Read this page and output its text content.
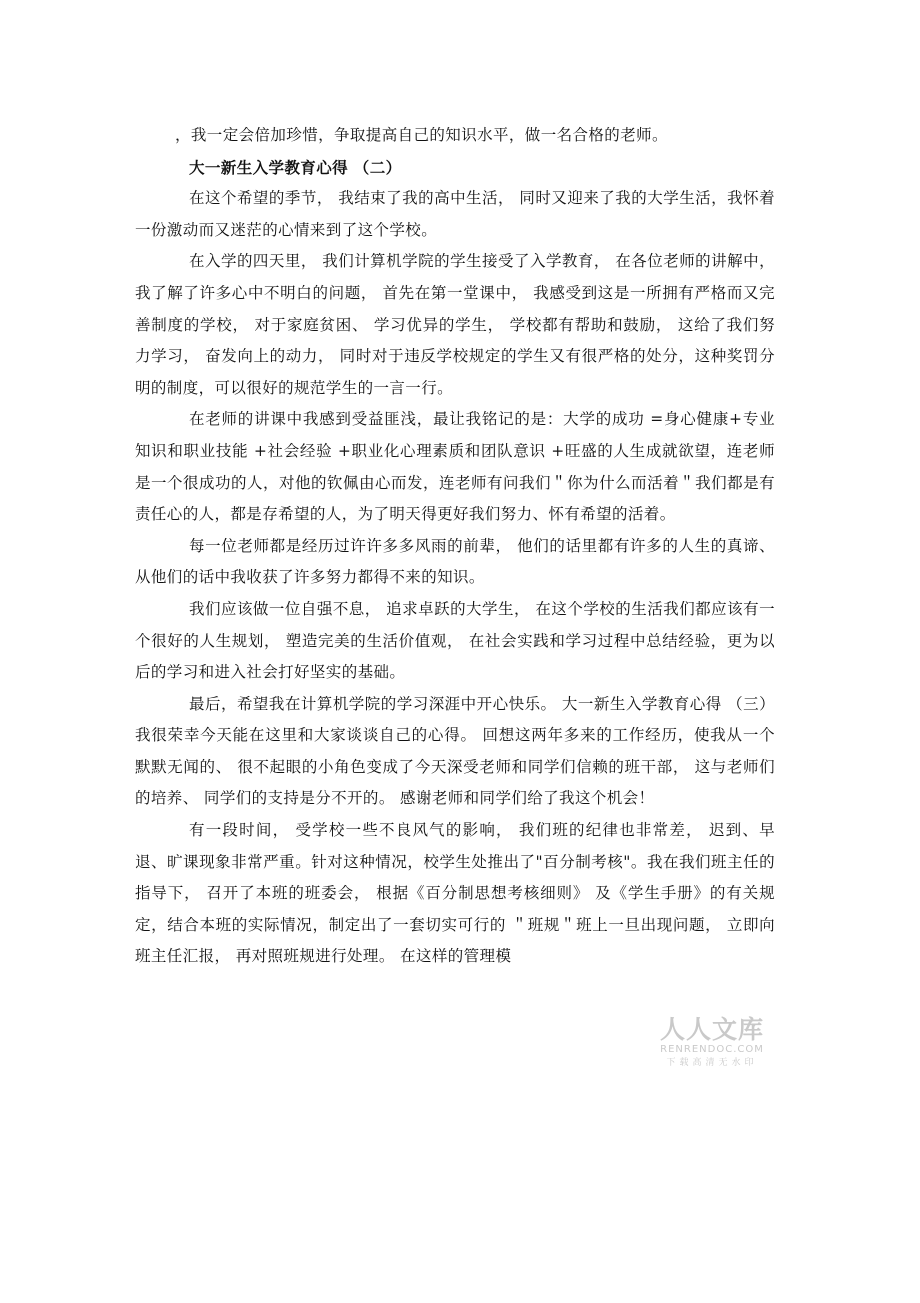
，我一定会倍加珍惜，争取提高自己的知识水平，做一名合格的老师。

大一新生入学教育心得 （二）

在这个希望的季节， 我结束了我的高中生活， 同时又迎来了我的大学生活，我怀着一份激动而又迷茫的心情来到了这个学校。

在入学的四天里， 我们计算机学院的学生接受了入学教育， 在各位老师的讲解中，我了解了许多心中不明白的问题， 首先在第一堂课中， 我感受到这是一所拥有严格而又完善制度的学校， 对于家庭贫困、 学习优异的学生， 学校都有帮助和鼓励， 这给了我们努力学习， 奋发向上的动力， 同时对于违反学校规定的学生又有很严格的处分，这种奖罚分明的制度，可以很好的规范学生的一言一行。

在老师的讲课中我感到受益匪浅，最让我铭记的是：大学的成功 =身心健康+专业知识和职业技能 +社会经验 +职业化心理素质和团队意识 +旺盛的人生成就欲望，连老师是一个很成功的人，对他的钦佩由心而发，连老师有问我们＂你为什么而活着＂我们都是有责任心的人，都是存希望的人，为了明天得更好我们努力、怀有希望的活着。

每一位老师都是经历过许许多多风雨的前辈， 他们的话里都有许多的人生的真谛、从他们的话中我收获了许多努力都得不来的知识。

我们应该做一位自强不息， 追求卓跃的大学生， 在这个学校的生活我们都应该有一个很好的人生规划， 塑造完美的生活价值观， 在社会实践和学习过程中总结经验，更为以后的学习和进入社会打好坚实的基础。

最后，希望我在计算机学院的学习深涯中开心快乐。 大一新生入学教育心得 （三） 我很荣幸今天能在这里和大家谈谈自己的心得。 回想这两年多来的工作经历，使我从一个默默无闻的、 很不起眼的小角色变成了今天深受老师和同学们信赖的班干部， 这与老师们的培养、 同学们的支持是分不开的。 感谢老师和同学们给了我这个机会！

有一段时间， 受学校一些不良风气的影响， 我们班的纪律也非常差， 迟到、早退、旷课现象非常严重。针对这种情况，校学生处推出了"百分制考核"。我在我们班主任的指导下， 召开了本班的班委会， 根据《百分制思想考核细则》 及《学生手册》的有关规定，结合本班的实际情况，制定出了一套切实可行的 ＂班规＂班上一旦出现问题， 立即向班主任汇报， 再对照班规进行处理。 在这样的管理模

人人文库
RENRENDOC.COM
下载高清无水印
